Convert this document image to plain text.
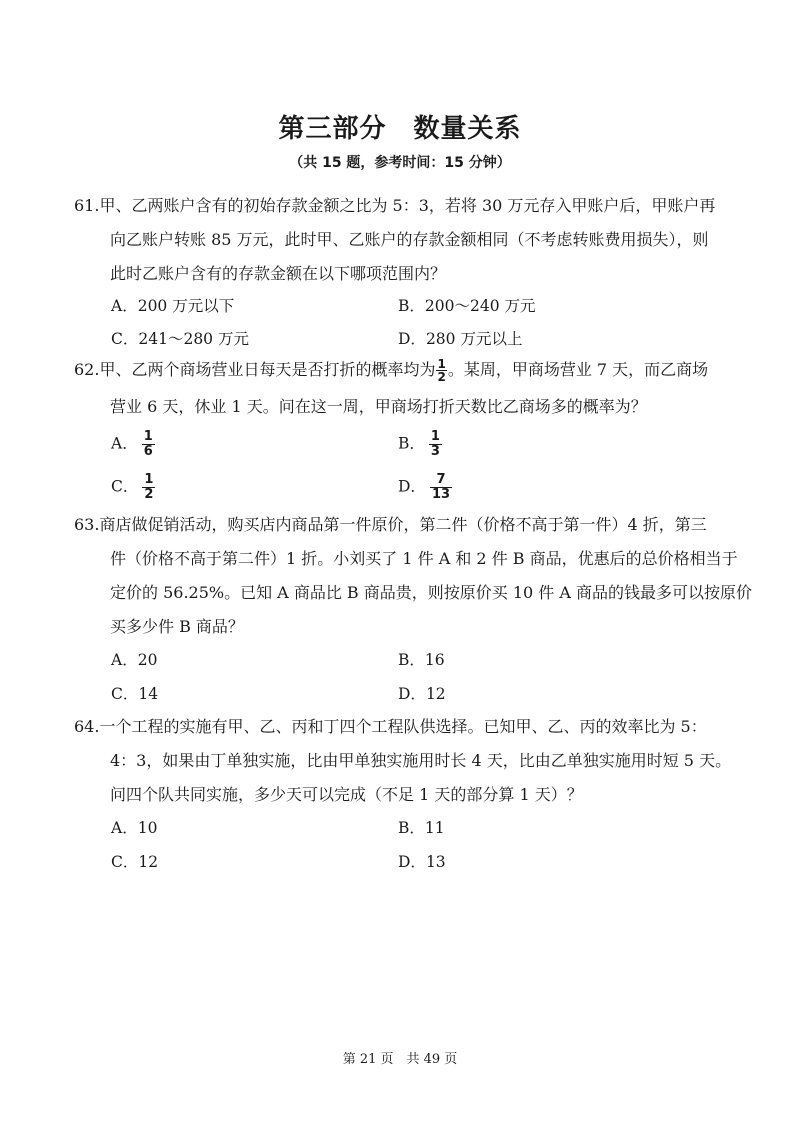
第三部分　数量关系
（共 15 题，参考时间：15 分钟）
61.甲、乙两账户含有的初始存款金额之比为 5：3，若将 30 万元存入甲账户后，甲账户再
向乙账户转账 85 万元，此时甲、乙账户的存款金额相同（不考虑转账费用损失），则
此时乙账户含有的存款金额在以下哪项范围内？
A．200 万元以下	B．200～240 万元
C．241～280 万元	D．280 万元以上
62.甲、乙两个商场营业日每天是否打折的概率均为 $\frac{1}{2}$ 。某周，甲商场营业 7 天，而乙商场
营业 6 天，休业 1 天。问在这一周，甲商场打折天数比乙商场多的概率为？
A． $\frac{1}{6}$	B． $\frac{1}{3}$
C． $\frac{1}{2}$	D． $\frac{7}{13}$
63.商店做促销活动，购买店内商品第一件原价，第二件（价格不高于第一件）4 折，第三
件（价格不高于第二件）1 折。小刘买了 1 件 A 和 2 件 B 商品，优惠后的总价格相当于
定价的 56.25%。已知 A 商品比 B 商品贵，则按原价买 10 件 A 商品的钱最多可以按原价
买多少件 B 商品？
A．20	B．16
C．14	D．12
64.一个工程的实施有甲、乙、丙和丁四个工程队供选择。已知甲、乙、丙的效率比为 5：
4：3，如果由丁单独实施，比由甲单独实施用时长 4 天，比由乙单独实施用时短 5 天。
问四个队共同实施，多少天可以完成（不足 1 天的部分算 1 天）？
A．10	B．11
C．12	D．13
第 21 页　共 49 页
